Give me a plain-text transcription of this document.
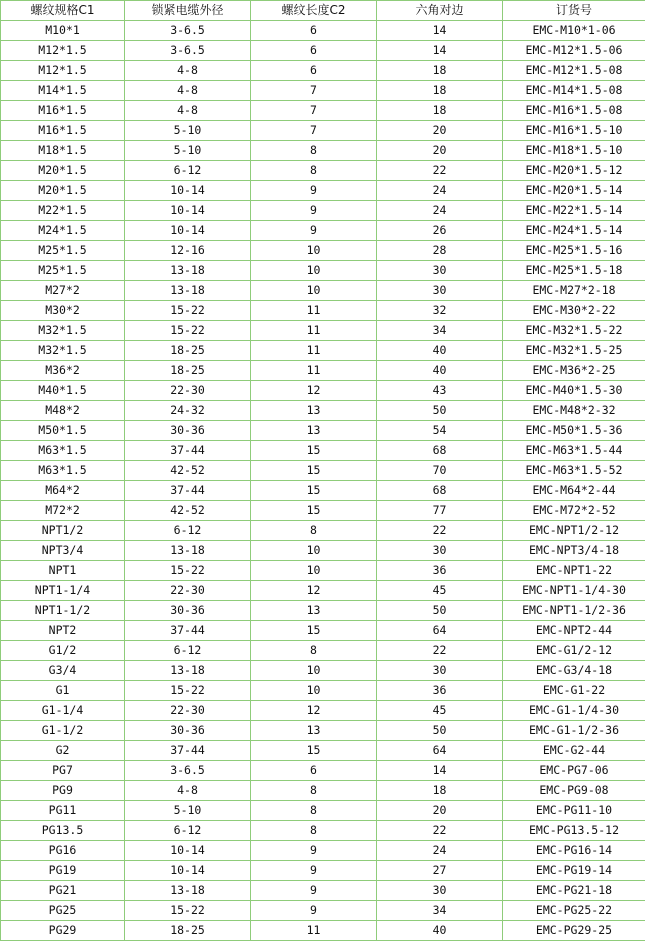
螺纹规格C1	锁紧电缆外径	螺纹长度C2	六角对边	订货号
M10*1	3-6.5	6	14	EMC-M10*1-06
M12*1.5	3-6.5	6	14	EMC-M12*1.5-06
M12*1.5	4-8	6	18	EMC-M12*1.5-08
M14*1.5	4-8	7	18	EMC-M14*1.5-08
M16*1.5	4-8	7	18	EMC-M16*1.5-08
M16*1.5	5-10	7	20	EMC-M16*1.5-10
M18*1.5	5-10	8	20	EMC-M18*1.5-10
M20*1.5	6-12	8	22	EMC-M20*1.5-12
M20*1.5	10-14	9	24	EMC-M20*1.5-14
M22*1.5	10-14	9	24	EMC-M22*1.5-14
M24*1.5	10-14	9	26	EMC-M24*1.5-14
M25*1.5	12-16	10	28	EMC-M25*1.5-16
M25*1.5	13-18	10	30	EMC-M25*1.5-18
M27*2	13-18	10	30	EMC-M27*2-18
M30*2	15-22	11	32	EMC-M30*2-22
M32*1.5	15-22	11	34	EMC-M32*1.5-22
M32*1.5	18-25	11	40	EMC-M32*1.5-25
M36*2	18-25	11	40	EMC-M36*2-25
M40*1.5	22-30	12	43	EMC-M40*1.5-30
M48*2	24-32	13	50	EMC-M48*2-32
M50*1.5	30-36	13	54	EMC-M50*1.5-36
M63*1.5	37-44	15	68	EMC-M63*1.5-44
M63*1.5	42-52	15	70	EMC-M63*1.5-52
M64*2	37-44	15	68	EMC-M64*2-44
M72*2	42-52	15	77	EMC-M72*2-52
NPT1/2	6-12	8	22	EMC-NPT1/2-12
NPT3/4	13-18	10	30	EMC-NPT3/4-18
NPT1	15-22	10	36	EMC-NPT1-22
NPT1-1/4	22-30	12	45	EMC-NPT1-1/4-30
NPT1-1/2	30-36	13	50	EMC-NPT1-1/2-36
NPT2	37-44	15	64	EMC-NPT2-44
G1/2	6-12	8	22	EMC-G1/2-12
G3/4	13-18	10	30	EMC-G3/4-18
G1	15-22	10	36	EMC-G1-22
G1-1/4	22-30	12	45	EMC-G1-1/4-30
G1-1/2	30-36	13	50	EMC-G1-1/2-36
G2	37-44	15	64	EMC-G2-44
PG7	3-6.5	6	14	EMC-PG7-06
PG9	4-8	8	18	EMC-PG9-08
PG11	5-10	8	20	EMC-PG11-10
PG13.5	6-12	8	22	EMC-PG13.5-12
PG16	10-14	9	24	EMC-PG16-14
PG19	10-14	9	27	EMC-PG19-14
PG21	13-18	9	30	EMC-PG21-18
PG25	15-22	9	34	EMC-PG25-22
PG29	18-25	11	40	EMC-PG29-25
